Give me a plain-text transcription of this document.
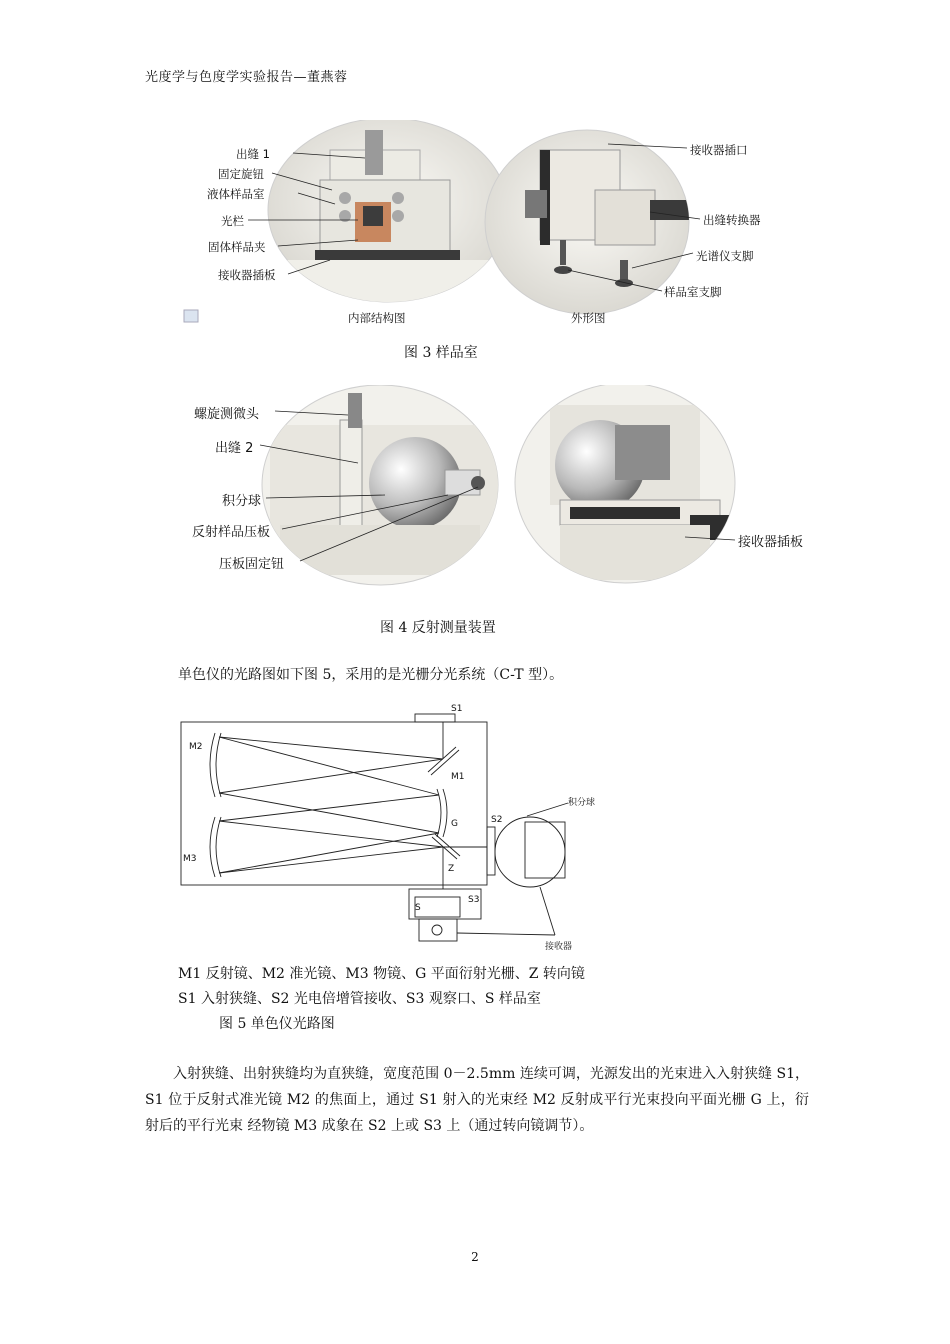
光度学与色度学实验报告—董燕蓉
出缝 1
固定旋钮
液体样品室
光栏
固体样品夹
接收器插板
接收器插口
出缝转换器
光谱仪支脚
样品室支脚
内部结构图	外形图
图 3 样品室
螺旋测微头
出缝 2
积分球
反射样品压板
压板固定钮
接收器插板
图 4 反射测量装置
单色仪的光路图如下图 5，采用的是光栅分光系统（C-T 型）。
S1
M2
M1
G
M3
Z
S2
S
S3
积分球
接收器
M1 反射镜、M2 准光镜、M3 物镜、G 平面衍射光栅、Z 转向镜
S1 入射狭缝、S2 光电倍增管接收、S3 观察口、S 样品室
图 5 单色仪光路图
入射狭缝、出射狭缝均为直狭缝，宽度范围 0－2.5mm 连续可调，光源发出的光束进入入射狭缝 S1，S1 位于反射式准光镜 M2 的焦面上，通过 S1 射入的光束经 M2 反射成平行光束投向平面光栅 G 上，衍射后的平行光束 经物镜 M3 成象在 S2 上或 S3 上（通过转向镜调节）。
2
